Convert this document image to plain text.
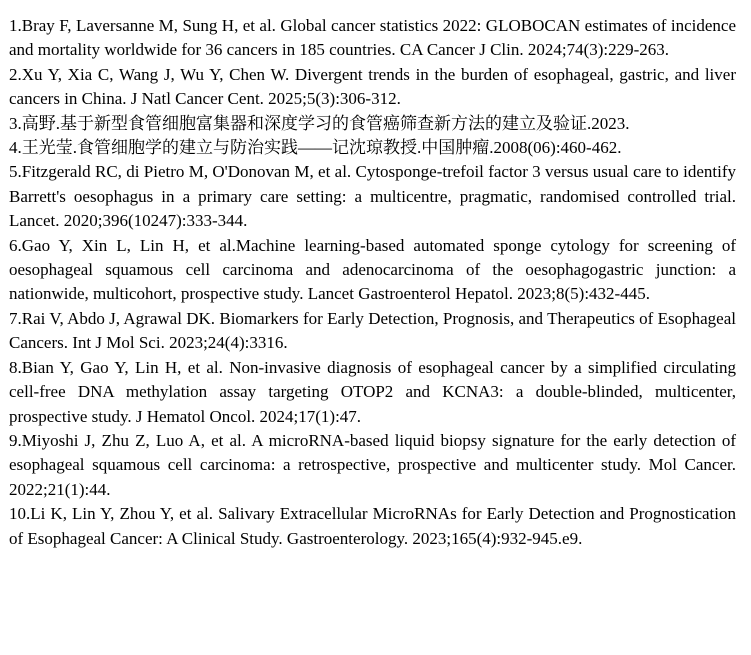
1.Bray F, Laversanne M, Sung H, et al. Global cancer statistics 2022: GLOBOCAN estimates of incidence and mortality worldwide for 36 cancers in 185 countries. CA Cancer J Clin. 2024;74(3):229-263.

2.Xu Y, Xia C, Wang J, Wu Y, Chen W. Divergent trends in the burden of esophageal, gastric, and liver cancers in China. J Natl Cancer Cent. 2025;5(3):306-312.

3.高野.基于新型食管细胞富集器和深度学习的食管癌筛查新方法的建立及验证.2023.

4.王光莹.食管细胞学的建立与防治实践——记沈琼教授.中国肿瘤.2008(06):460-462.

5.Fitzgerald RC, di Pietro M, O'Donovan M, et al. Cytosponge-trefoil factor 3 versus usual care to identify Barrett's oesophagus in a primary care setting: a multicentre, pragmatic, randomised controlled trial. Lancet. 2020;396(10247):333-344.

6.Gao Y, Xin L, Lin H, et al.Machine learning-based automated sponge cytology for screening of oesophageal squamous cell carcinoma and adenocarcinoma of the oesophagogastric junction: a nationwide, multicohort, prospective study. Lancet Gastroenterol Hepatol. 2023;8(5):432-445.

7.Rai V, Abdo J, Agrawal DK. Biomarkers for Early Detection, Prognosis, and Therapeutics of Esophageal Cancers. Int J Mol Sci. 2023;24(4):3316.

8.Bian Y, Gao Y, Lin H, et al. Non-invasive diagnosis of esophageal cancer by a simplified circulating cell-free DNA methylation assay targeting OTOP2 and KCNA3: a double-blinded, multicenter, prospective study. J Hematol Oncol. 2024;17(1):47.

9.Miyoshi J, Zhu Z, Luo A, et al. A microRNA-based liquid biopsy signature for the early detection of esophageal squamous cell carcinoma: a retrospective, prospective and multicenter study. Mol Cancer. 2022;21(1):44.

10.Li K, Lin Y, Zhou Y, et al. Salivary Extracellular MicroRNAs for Early Detection and Prognostication of Esophageal Cancer: A Clinical Study. Gastroenterology. 2023;165(4):932-945.e9.
